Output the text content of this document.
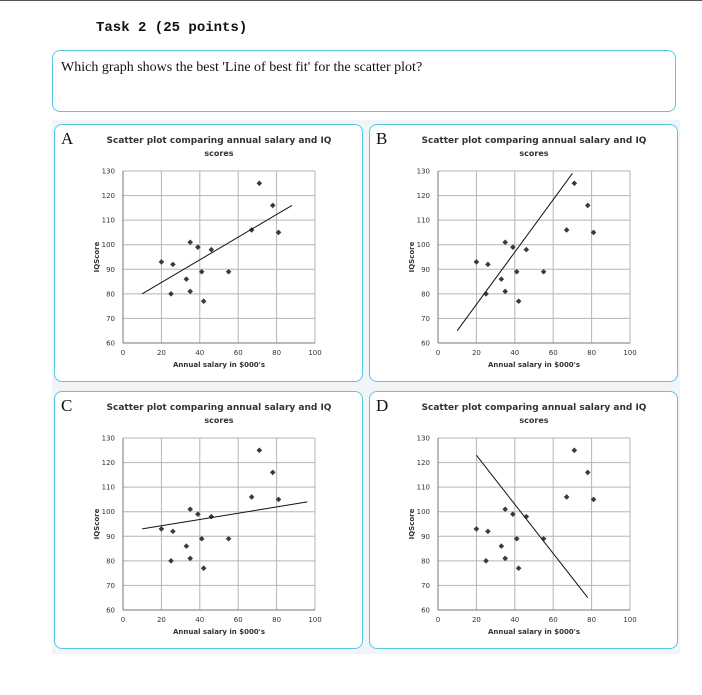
Task 2 (25 points)
Which graph shows the best 'Line of best fit' for the scatter plot?
A	Scatter plot comparing annual salary and IQ
scores
0	20	40	60	80	100
60
70
80
90
100
110
120
130
Annual salary in $000's
IQScore
B	Scatter plot comparing annual salary and IQ
scores
0	20	40	60	80	100
60
70
80
90
100
110
120
130
Annual salary in $000's
IQScore
C	Scatter plot comparing annual salary and IQ
scores
0	20	40	60	80	100
60
70
80
90
100
110
120
130
Annual salary in $000's
IQScore
D	Scatter plot comparing annual salary and IQ
scores
0	20	40	60	80	100
60
70
80
90
100
110
120
130
Annual salary in $000's
IQScore
